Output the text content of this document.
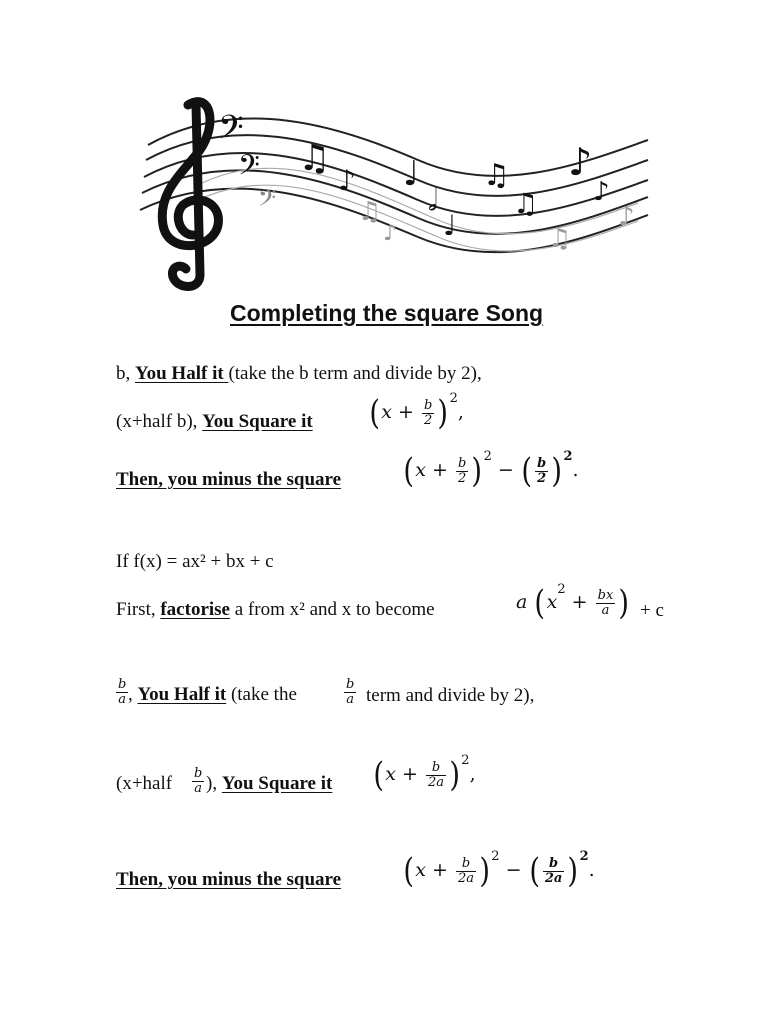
𝄢
𝄢
𝄢
♫
♪ ♩
𝅗𝅥
♫
♫
♪
♪
♩
♫
♪	♫
♪
Completing the square Song
b, You Half it (take the b term and divide by 2),
(x+half b), You Square it $(x + \frac{b}{2} )^2$,
Then, you minus the square $(x + \frac{b}{2} )^2$ − ( $\frac{b}{2} )^2$.
If f(x) = ax² + bx + c
First, factorise a from x² and x to become	a ($x^2 + \frac{bx}{a}$ ) + c
$\frac{b}{a}$ , You Half it (take the	$\frac{b}{a}$ term and divide by 2),
(x+half $\frac{b}{a}$ ), You Square it $(x + \frac{b}{2a} )^2$,
Then, you minus the square $(x + \frac{b}{2a} )^2$ − ( $\frac{b}{2a} )^2$.
